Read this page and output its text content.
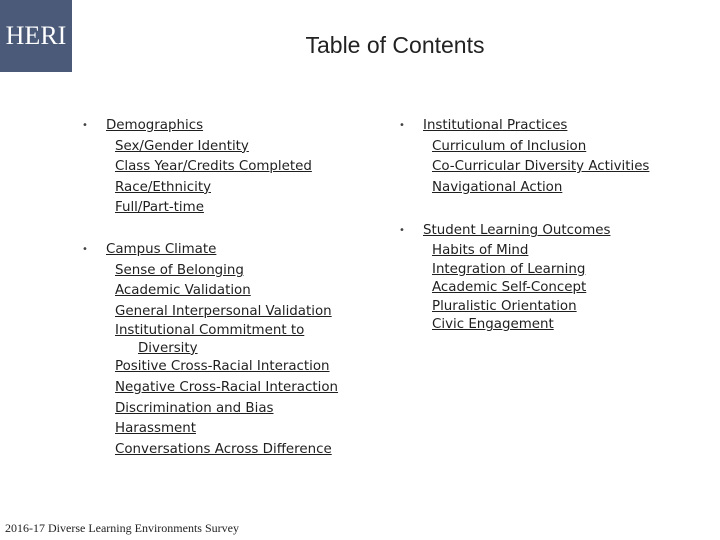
HERI	Table of Contents
• Demographics
Sex/Gender Identity
Class Year/Credits Completed
Race/Ethnicity
Full/Part-time
• Campus Climate
Sense of Belonging
Academic Validation
General Interpersonal Validation
Institutional Commitment to
Diversity
Positive Cross-Racial Interaction
Negative Cross-Racial Interaction
Discrimination and Bias
Harassment
Conversations Across Difference
• Institutional Practices
Curriculum of Inclusion
Co-Curricular Diversity Activities
Navigational Action
• Student Learning Outcomes
Habits of Mind
Integration of Learning
Academic Self-Concept
Pluralistic Orientation
Civic Engagement
2016-17 Diverse Learning Environments Survey
